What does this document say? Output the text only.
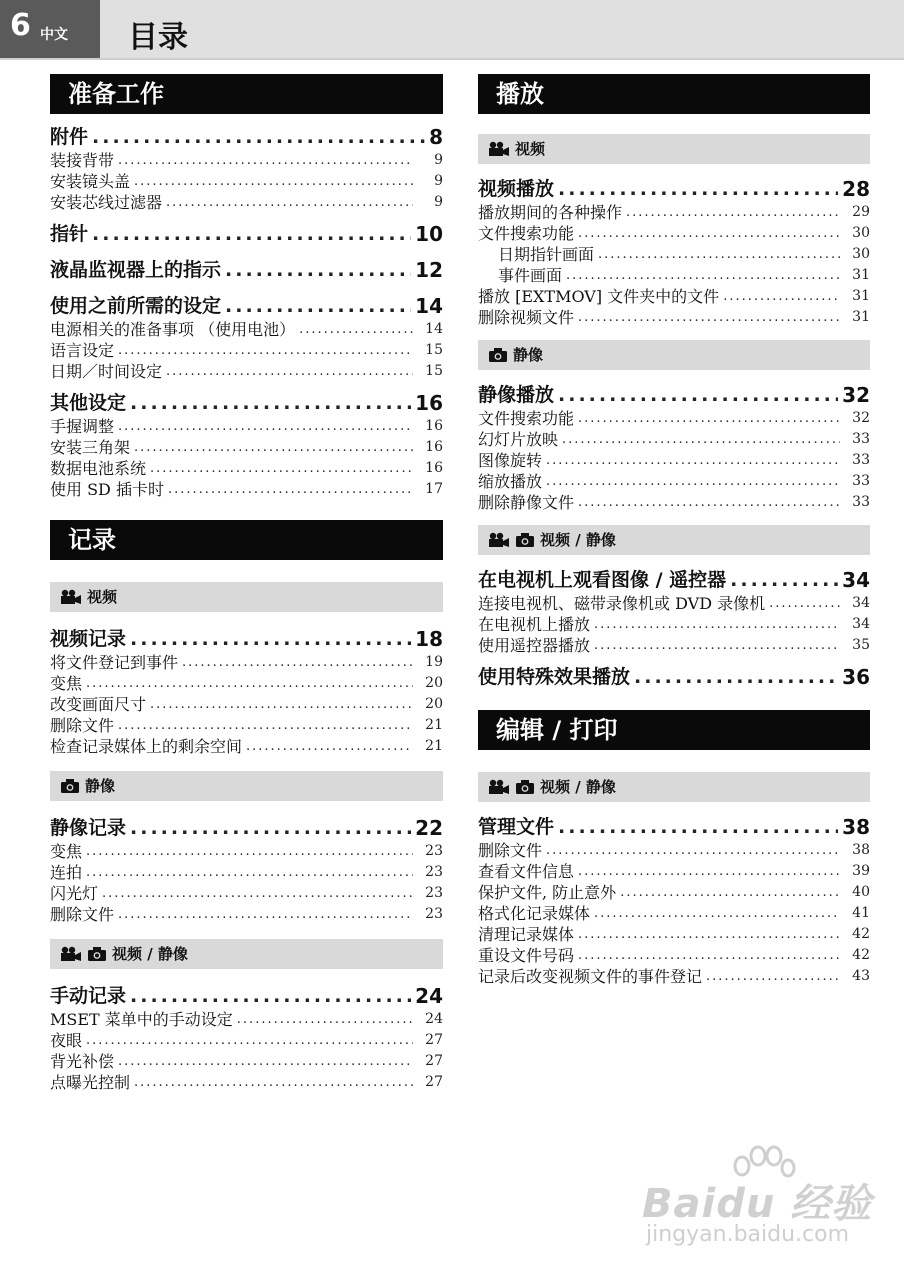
6 中文 目录
准备工作
附件 .....	8
装接背带 .....	9
安装镜头盖 .....	9
安装芯线过滤器 .....	9
指针 .....	10
液晶监视器上的指示 .....	12
使用之前所需的设定 .....	14
电源相关的准备事项 （使用电池） .....	14
语言设定 .....	15
日期／时间设定 .....	15
其他设定 .....	16
手握调整 .....	16
安装三角架 .....	16
数据电池系统 .....	16
使用 SD 插卡时 .....	17
记录
视频
视频记录 .....	18
将文件登记到事件 .....	19
变焦 .....	20
改变画面尺寸 .....	20
删除文件 .....	21
检查记录媒体上的剩余空间 .....	21
静像
静像记录 .....	22
变焦 .....	23
连拍 .....	23
闪光灯 .....	23
删除文件 .....	23
视频 / 静像
手动记录 .....	24
MSET 菜单中的手动设定 .....	24
夜眼 .....	27
背光补偿 .....	27
点曝光控制 .....	27
播放
视频
视频播放 .....	28
播放期间的各种操作 .....	29
文件搜索功能 .....	30
日期指针画面 .....	30
事件画面 .....	31
播放 [EXTMOV] 文件夹中的文件 .....	31
删除视频文件 .....	31
静像
静像播放 .....	32
文件搜索功能 .....	32
幻灯片放映 .....	33
图像旋转 .....	33
缩放播放 .....	33
删除静像文件 .....	33
视频 / 静像
在电视机上观看图像 / 遥控器 .....	34
连接电视机、磁带录像机或 DVD 录像机 .....	34
在电视机上播放 .....	34
使用遥控器播放 .....	35
使用特殊效果播放 .....	36
编辑 / 打印
视频 / 静像
管理文件 .....	38
删除文件 .....	38
查看文件信息 .....	39
保护文件, 防止意外 .....	40
格式化记录媒体 .....	41
清理记录媒体 .....	42
重设文件号码 .....	42
记录后改变视频文件的事件登记 .....	43
Baidu 经验
jingyan.baidu.com
